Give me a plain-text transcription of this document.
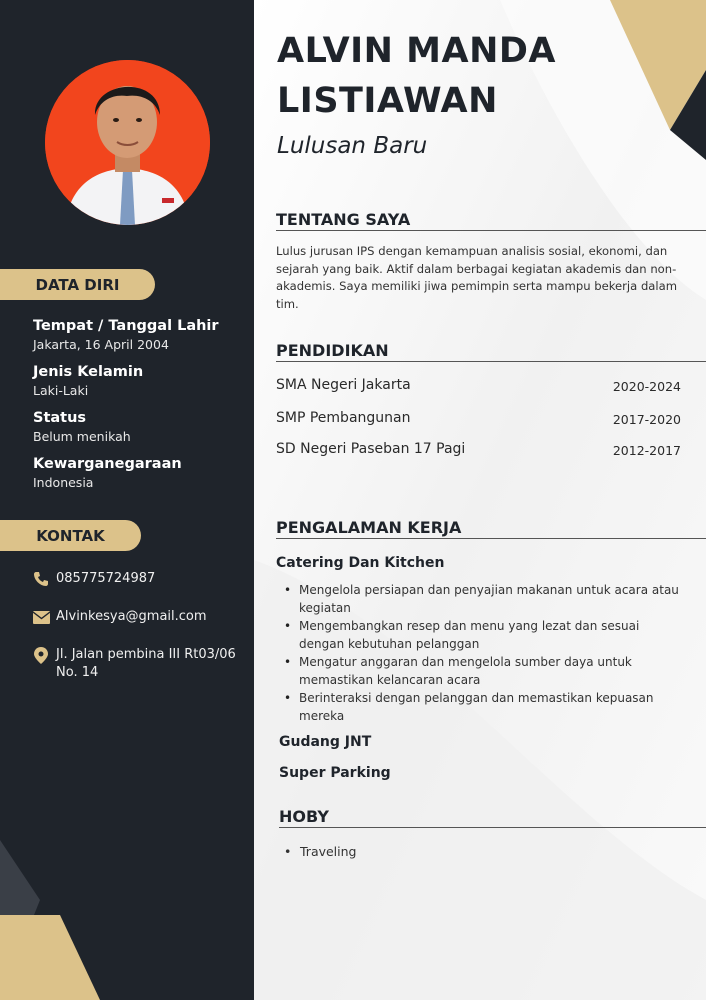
DATA DIRI
Tempat / Tanggal Lahir
Jakarta, 16 April 2004
Jenis Kelamin
Laki-Laki
Status
Belum menikah
Kewarganegaraan
Indonesia
KONTAK
085775724987
Alvinkesya@gmail.com
Jl. Jalan pembina III Rt03/06 No. 14
ALVIN MANDA
LISTIAWAN
Lulusan Baru
TENTANG SAYA
Lulus jurusan IPS dengan kemampuan analisis sosial, ekonomi, dan sejarah yang baik. Aktif dalam berbagai kegiatan akademis dan non-akademis. Saya memiliki jiwa pemimpin serta mampu bekerja dalam tim.
PENDIDIKAN
SMA Negeri Jakarta	2020-2024
SMP Pembangunan	2017-2020
SD Negeri Paseban 17 Pagi	2012-2017
PENGALAMAN KERJA
Catering Dan Kitchen
• Mengelola persiapan dan penyajian makanan untuk acara atau kegiatan
• Mengembangkan resep dan menu yang lezat dan sesuai dengan kebutuhan pelanggan
• Mengatur anggaran dan mengelola sumber daya untuk memastikan kelancaran acara
• Berinteraksi dengan pelanggan dan memastikan kepuasan mereka
Gudang JNT
Super Parking
HOBY
• Traveling
